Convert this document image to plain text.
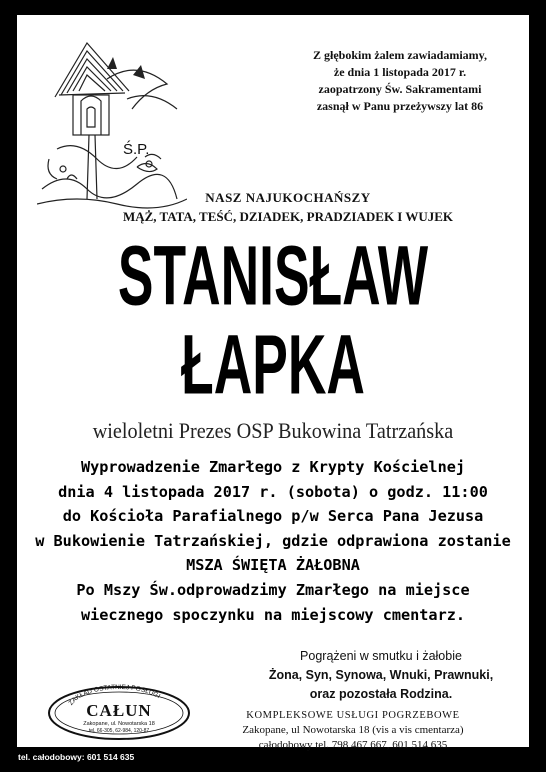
Ś.P.
Z głębokim żalem zawiadamiamy,
że dnia 1 listopada 2017 r.
zaopatrzony Św. Sakramentami
zasnął w Panu przeżywszy lat 86
NASZ NAJUKOCHAŃSZY
MĄŻ, TATA, TEŚĆ, DZIADEK, PRADZIADEK I WUJEK
STANISŁAW
ŁAPKA
wieloletni Prezes OSP Bukowina Tatrzańska
Wyprowadzenie Zmarłego z Krypty Kościelnej
dnia 4 listopada 2017 r. (sobota) o godz. 11:00
do Kościoła Parafialnego p/w Serca Pana Jezusa
w Bukowienie Tatrzańskiej, gdzie odprawiona zostanie
MSZA ŚWIĘTA ŻAŁOBNA
Po Mszy Św.odprowadzimy Zmarłego na miejsce
wiecznego spoczynku na miejscowy cmentarz.
Pogrążeni w smutku i żałobie
Żona, Syn, Synowa, Wnuki, Prawnuki,
oraz pozostała Rodzina.
ZAKŁAD OSTATNIEJ POSŁUGI
CAŁUN
Zakopane, ul. Nowotarska 18
tel. 66-305, 62-984, 120-87
KOMPLEKSOWE USŁUGI POGRZEBOWE
Zakopane, ul Nowotarska 18 (vis a vis cmentarza)
całodobowy tel. 798 467 667, 601 514 635
tel. całodobowy: 601 514 635
